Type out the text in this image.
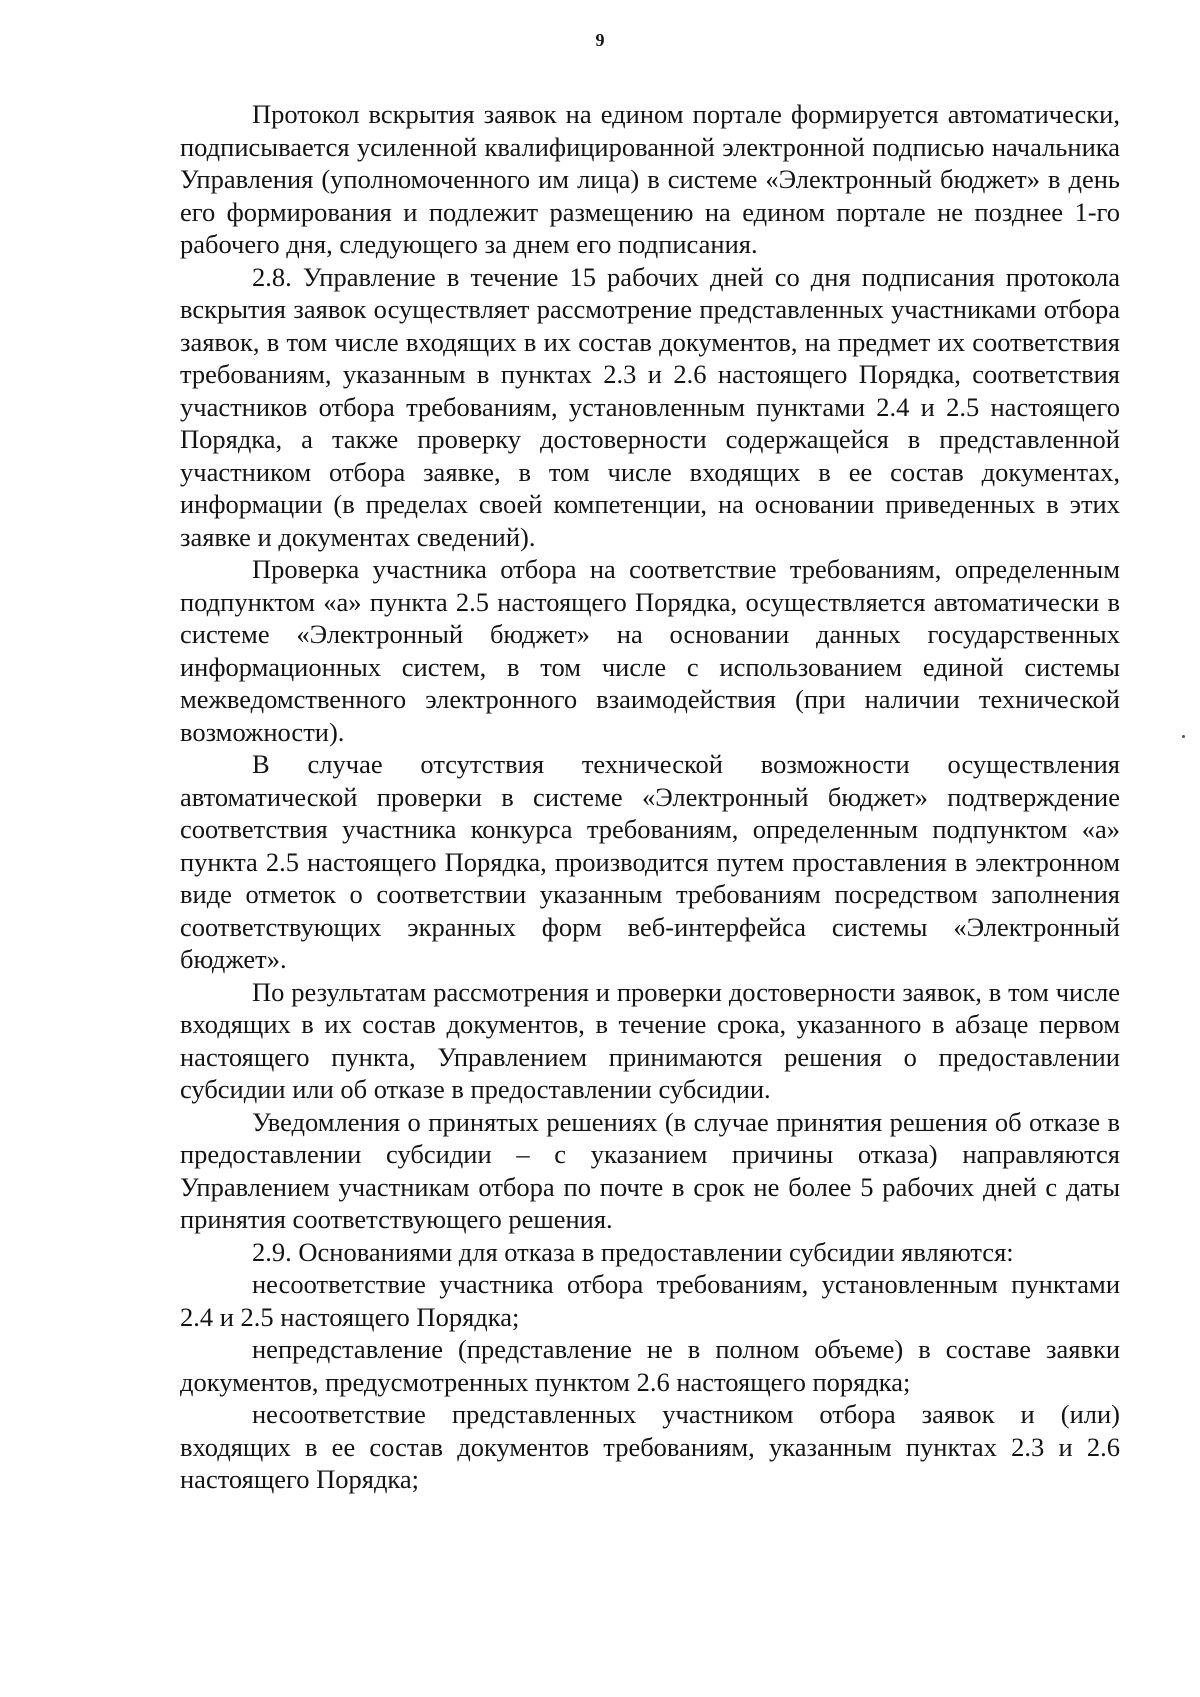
9

Протокол вскрытия заявок на едином портале формируется автоматически, подписывается усиленной квалифицированной электронной подписью начальника Управления (уполномоченного им лица) в системе «Электронный бюджет» в день его формирования и подлежит размещению на едином портале не позднее 1-го рабочего дня, следующего за днем его подписания.

2.8. Управление в течение 15 рабочих дней со дня подписания протокола вскрытия заявок осуществляет рассмотрение представленных участниками отбора заявок, в том числе входящих в их состав документов, на предмет их соответствия требованиям, указанным в пунктах 2.3 и 2.6 настоящего Порядка, соответствия участников отбора требованиям, установленным пунктами 2.4 и 2.5 настоящего Порядка, а также проверку достоверности содержащейся в представленной участником отбора заявке, в том числе входящих в ее состав документах, информации (в пределах своей компетенции, на основании приведенных в этих заявке и документах сведений).

Проверка участника отбора на соответствие требованиям, определенным подпунктом «а» пункта 2.5 настоящего Порядка, осуществляется автоматически в системе «Электронный бюджет» на основании данных государственных информационных систем, в том числе с использованием единой системы межведомственного электронного взаимодействия (при наличии технической возможности).

В случае отсутствия технической возможности осуществления автоматической проверки в системе «Электронный бюджет» подтверждение соответствия участника конкурса требованиям, определенным подпунктом «а» пункта 2.5 настоящего Порядка, производится путем проставления в электронном виде отметок о соответствии указанным требованиям посредством заполнения соответствующих экранных форм веб-интерфейса системы «Электронный бюджет».

По результатам рассмотрения и проверки достоверности заявок, в том числе входящих в их состав документов, в течение срока, указанного в абзаце первом настоящего пункта, Управлением принимаются решения о предоставлении субсидии или об отказе в предоставлении субсидии.

Уведомления о принятых решениях (в случае принятия решения об отказе в предоставлении субсидии – с указанием причины отказа) направляются Управлением участникам отбора по почте в срок не более 5 рабочих дней с даты принятия соответствующего решения.

2.9. Основаниями для отказа в предоставлении субсидии являются:

несоответствие участника отбора требованиям, установленным пунктами 2.4 и 2.5 настоящего Порядка;

непредставление (представление не в полном объеме) в составе заявки документов, предусмотренных пунктом 2.6 настоящего порядка;

несоответствие представленных участником отбора заявок и (или) входящих в ее состав документов требованиям, указанным пунктах 2.3 и 2.6 настоящего Порядка;
